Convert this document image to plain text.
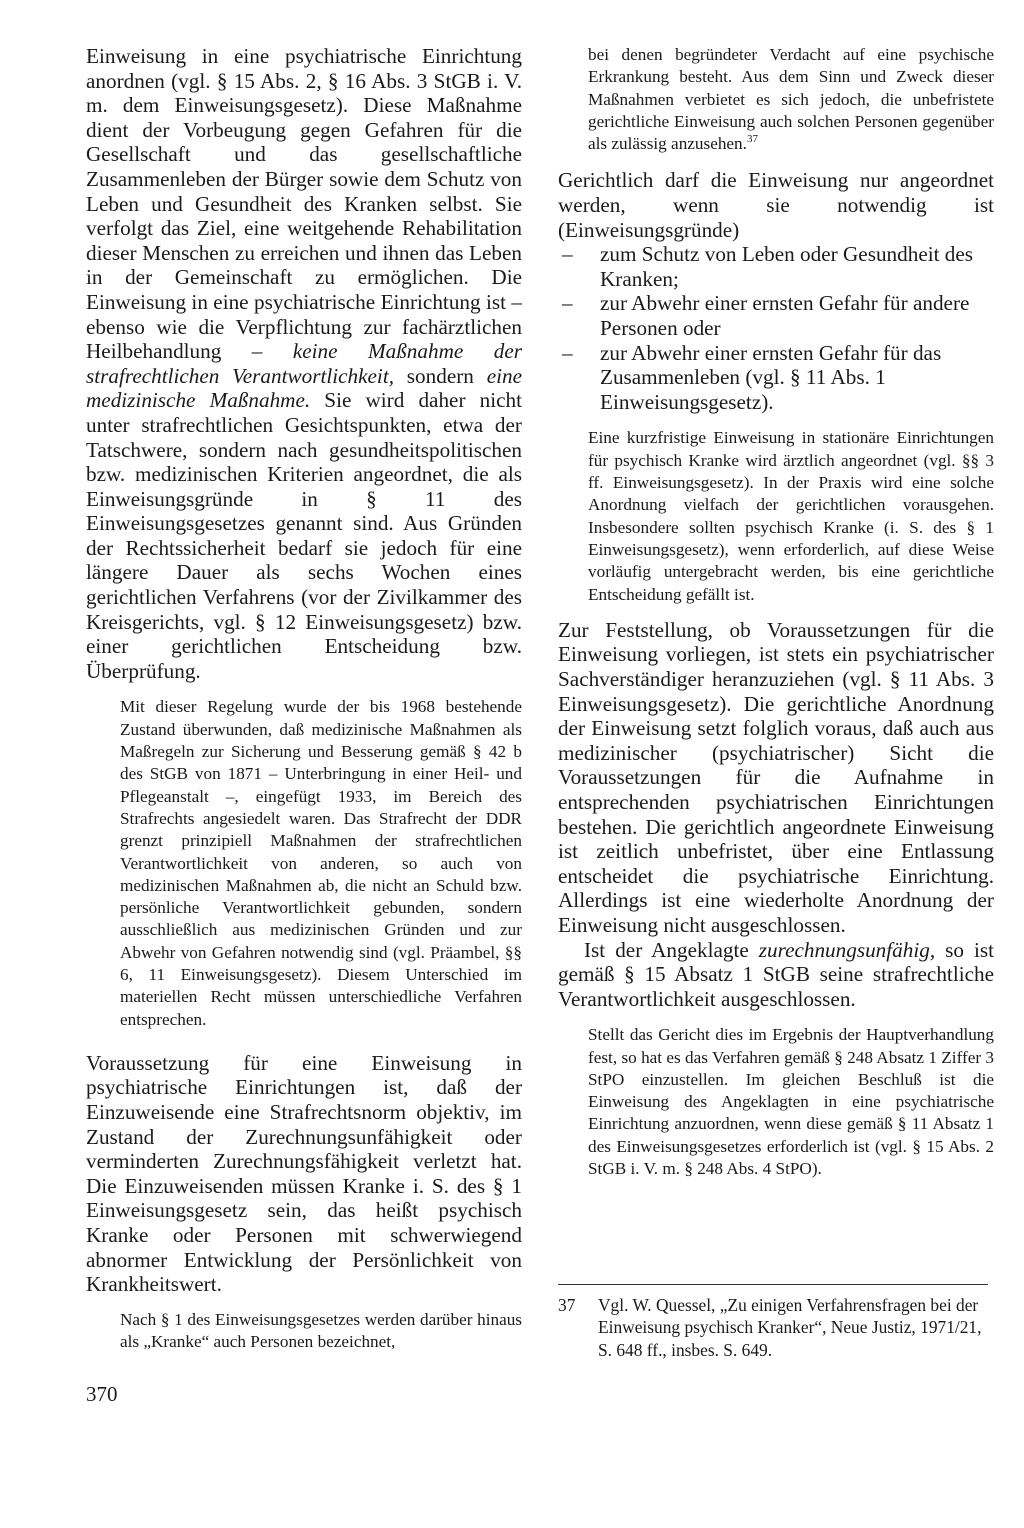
Einweisung in eine psychiatrische Einrichtung anordnen (vgl. § 15 Abs. 2, § 16 Abs. 3 StGB i. V. m. dem Einweisungsgesetz). Diese Maßnahme dient der Vorbeugung gegen Gefahren für die Gesellschaft und das gesellschaftliche Zusammenleben der Bürger sowie dem Schutz von Leben und Gesundheit des Kranken selbst. Sie verfolgt das Ziel, eine weitgehende Rehabilitation dieser Menschen zu erreichen und ihnen das Leben in der Gemeinschaft zu ermöglichen. Die Einweisung in eine psychiatrische Einrichtung ist – ebenso wie die Verpflichtung zur fachärztlichen Heilbehandlung – keine Maßnahme der strafrechtlichen Verantwortlichkeit, sondern eine medizinische Maßnahme. Sie wird daher nicht unter strafrechtlichen Gesichtspunkten, etwa der Tatschwere, sondern nach gesundheitspolitischen bzw. medizinischen Kriterien angeordnet, die als Einweisungsgründe in § 11 des Einweisungsgesetzes genannt sind. Aus Gründen der Rechtssicherheit bedarf sie jedoch für eine längere Dauer als sechs Wochen eines gerichtlichen Verfahrens (vor der Zivilkammer des Kreisgerichts, vgl. § 12 Einweisungsgesetz) bzw. einer gerichtlichen Entscheidung bzw. Überprüfung.

Mit dieser Regelung wurde der bis 1968 bestehende Zustand überwunden, daß medizinische Maßnahmen als Maßregeln zur Sicherung und Besserung gemäß § 42 b des StGB von 1871 – Unterbringung in einer Heil- und Pflegeanstalt –, eingefügt 1933, im Bereich des Strafrechts angesiedelt waren. Das Strafrecht der DDR grenzt prinzipiell Maßnahmen der strafrechtlichen Verantwortlichkeit von anderen, so auch von medizinischen Maßnahmen ab, die nicht an Schuld bzw. persönliche Verantwortlichkeit gebunden, sondern ausschließlich aus medizinischen Gründen und zur Abwehr von Gefahren notwendig sind (vgl. Präambel, §§ 6, 11 Einweisungsgesetz). Diesem Unterschied im materiellen Recht müssen unterschiedliche Verfahren entsprechen.

Voraussetzung für eine Einweisung in psychiatrische Einrichtungen ist, daß der Einzuweisende eine Strafrechtsnorm objektiv, im Zustand der Zurechnungsunfähigkeit oder verminderten Zurechnungsfähigkeit verletzt hat. Die Einzuweisenden müssen Kranke i. S. des § 1 Einweisungsgesetz sein, das heißt psychisch Kranke oder Personen mit schwerwiegend abnormer Entwicklung der Persönlichkeit von Krankheitswert.

Nach § 1 des Einweisungsgesetzes werden darüber hinaus als „Kranke“ auch Personen bezeichnet,

bei denen begründeter Verdacht auf eine psychische Erkrankung besteht. Aus dem Sinn und Zweck dieser Maßnahmen verbietet es sich jedoch, die unbefristete gerichtliche Einweisung auch solchen Personen gegenüber als zulässig anzusehen.$^{37}$

Gerichtlich darf die Einweisung nur angeordnet werden, wenn sie notwendig ist (Einweisungsgründe)

– zum Schutz von Leben oder Gesundheit des Kranken;
– zur Abwehr einer ernsten Gefahr für andere Personen oder
– zur Abwehr einer ernsten Gefahr für das Zusammenleben (vgl. § 11 Abs. 1 Einweisungsgesetz).

Eine kurzfristige Einweisung in stationäre Einrichtungen für psychisch Kranke wird ärztlich angeordnet (vgl. §§ 3 ff. Einweisungsgesetz). In der Praxis wird eine solche Anordnung vielfach der gerichtlichen vorausgehen. Insbesondere sollten psychisch Kranke (i. S. des § 1 Einweisungsgesetz), wenn erforderlich, auf diese Weise vorläufig untergebracht werden, bis eine gerichtliche Entscheidung gefällt ist.

Zur Feststellung, ob Voraussetzungen für die Einweisung vorliegen, ist stets ein psychiatrischer Sachverständiger heranzuziehen (vgl. § 11 Abs. 3 Einweisungsgesetz). Die gerichtliche Anordnung der Einweisung setzt folglich voraus, daß auch aus medizinischer (psychiatrischer) Sicht die Voraussetzungen für die Aufnahme in entsprechenden psychiatrischen Einrichtungen bestehen. Die gerichtlich angeordnete Einweisung ist zeitlich unbefristet, über eine Entlassung entscheidet die psychiatrische Einrichtung. Allerdings ist eine wiederholte Anordnung der Einweisung nicht ausgeschlossen.

Ist der Angeklagte zurechnungsunfähig, so ist gemäß § 15 Absatz 1 StGB seine strafrechtliche Verantwortlichkeit ausgeschlossen.

Stellt das Gericht dies im Ergebnis der Hauptverhandlung fest, so hat es das Verfahren gemäß § 248 Absatz 1 Ziffer 3 StPO einzustellen. Im gleichen Beschluß ist die Einweisung des Angeklagten in eine psychiatrische Einrichtung anzuordnen, wenn diese gemäß § 11 Absatz 1 des Einweisungsgesetzes erforderlich ist (vgl. § 15 Abs. 2 StGB i. V. m. § 248 Abs. 4 StPO).

37	Vgl. W. Quessel, „Zu einigen Verfahrensfragen bei der Einweisung psychisch Kranker“, Neue Justiz, 1971/21, S. 648 ff., insbes. S. 649.
370
